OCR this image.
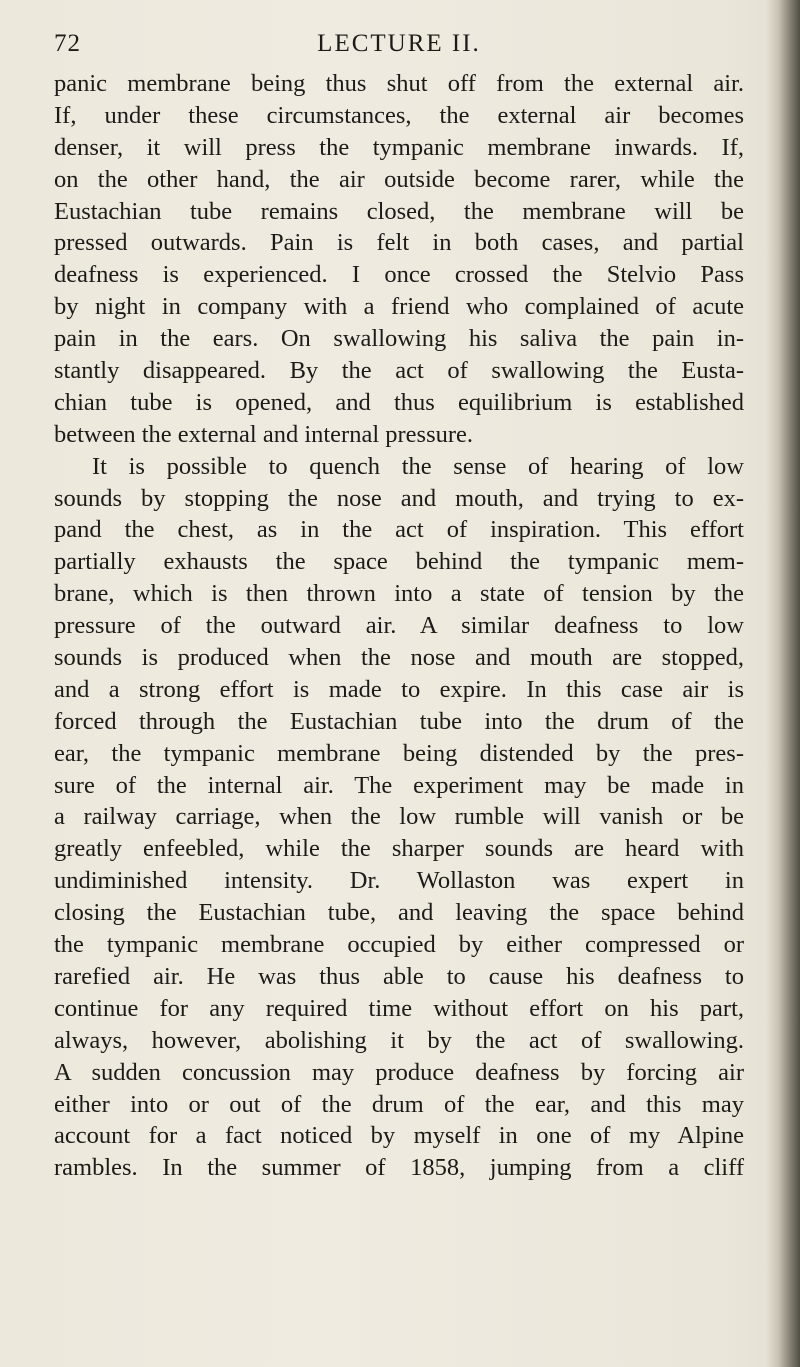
72	LECTURE II.
panic membrane being thus shut off from the external air.
If, under these circumstances, the external air becomes
denser, it will press the tympanic membrane inwards. If,
on the other hand, the air outside become rarer, while the
Eustachian tube remains closed, the membrane will be
pressed outwards. Pain is felt in both cases, and partial
deafness is experienced. I once crossed the Stelvio Pass
by night in company with a friend who complained of acute
pain in the ears. On swallowing his saliva the pain in-
stantly disappeared. By the act of swallowing the Eusta-
chian tube is opened, and thus equilibrium is established
between the external and internal pressure.
It is possible to quench the sense of hearing of low
sounds by stopping the nose and mouth, and trying to ex-
pand the chest, as in the act of inspiration. This effort
partially exhausts the space behind the tympanic mem-
brane, which is then thrown into a state of tension by the
pressure of the outward air. A similar deafness to low
sounds is produced when the nose and mouth are stopped,
and a strong effort is made to expire. In this case air is
forced through the Eustachian tube into the drum of the
ear, the tympanic membrane being distended by the pres-
sure of the internal air. The experiment may be made in
a railway carriage, when the low rumble will vanish or be
greatly enfeebled, while the sharper sounds are heard with
undiminished intensity. Dr. Wollaston was expert in
closing the Eustachian tube, and leaving the space behind
the tympanic membrane occupied by either compressed or
rarefied air. He was thus able to cause his deafness to
continue for any required time without effort on his part,
always, however, abolishing it by the act of swallowing.
A sudden concussion may produce deafness by forcing air
either into or out of the drum of the ear, and this may
account for a fact noticed by myself in one of my Alpine
rambles. In the summer of 1858, jumping from a cliff
